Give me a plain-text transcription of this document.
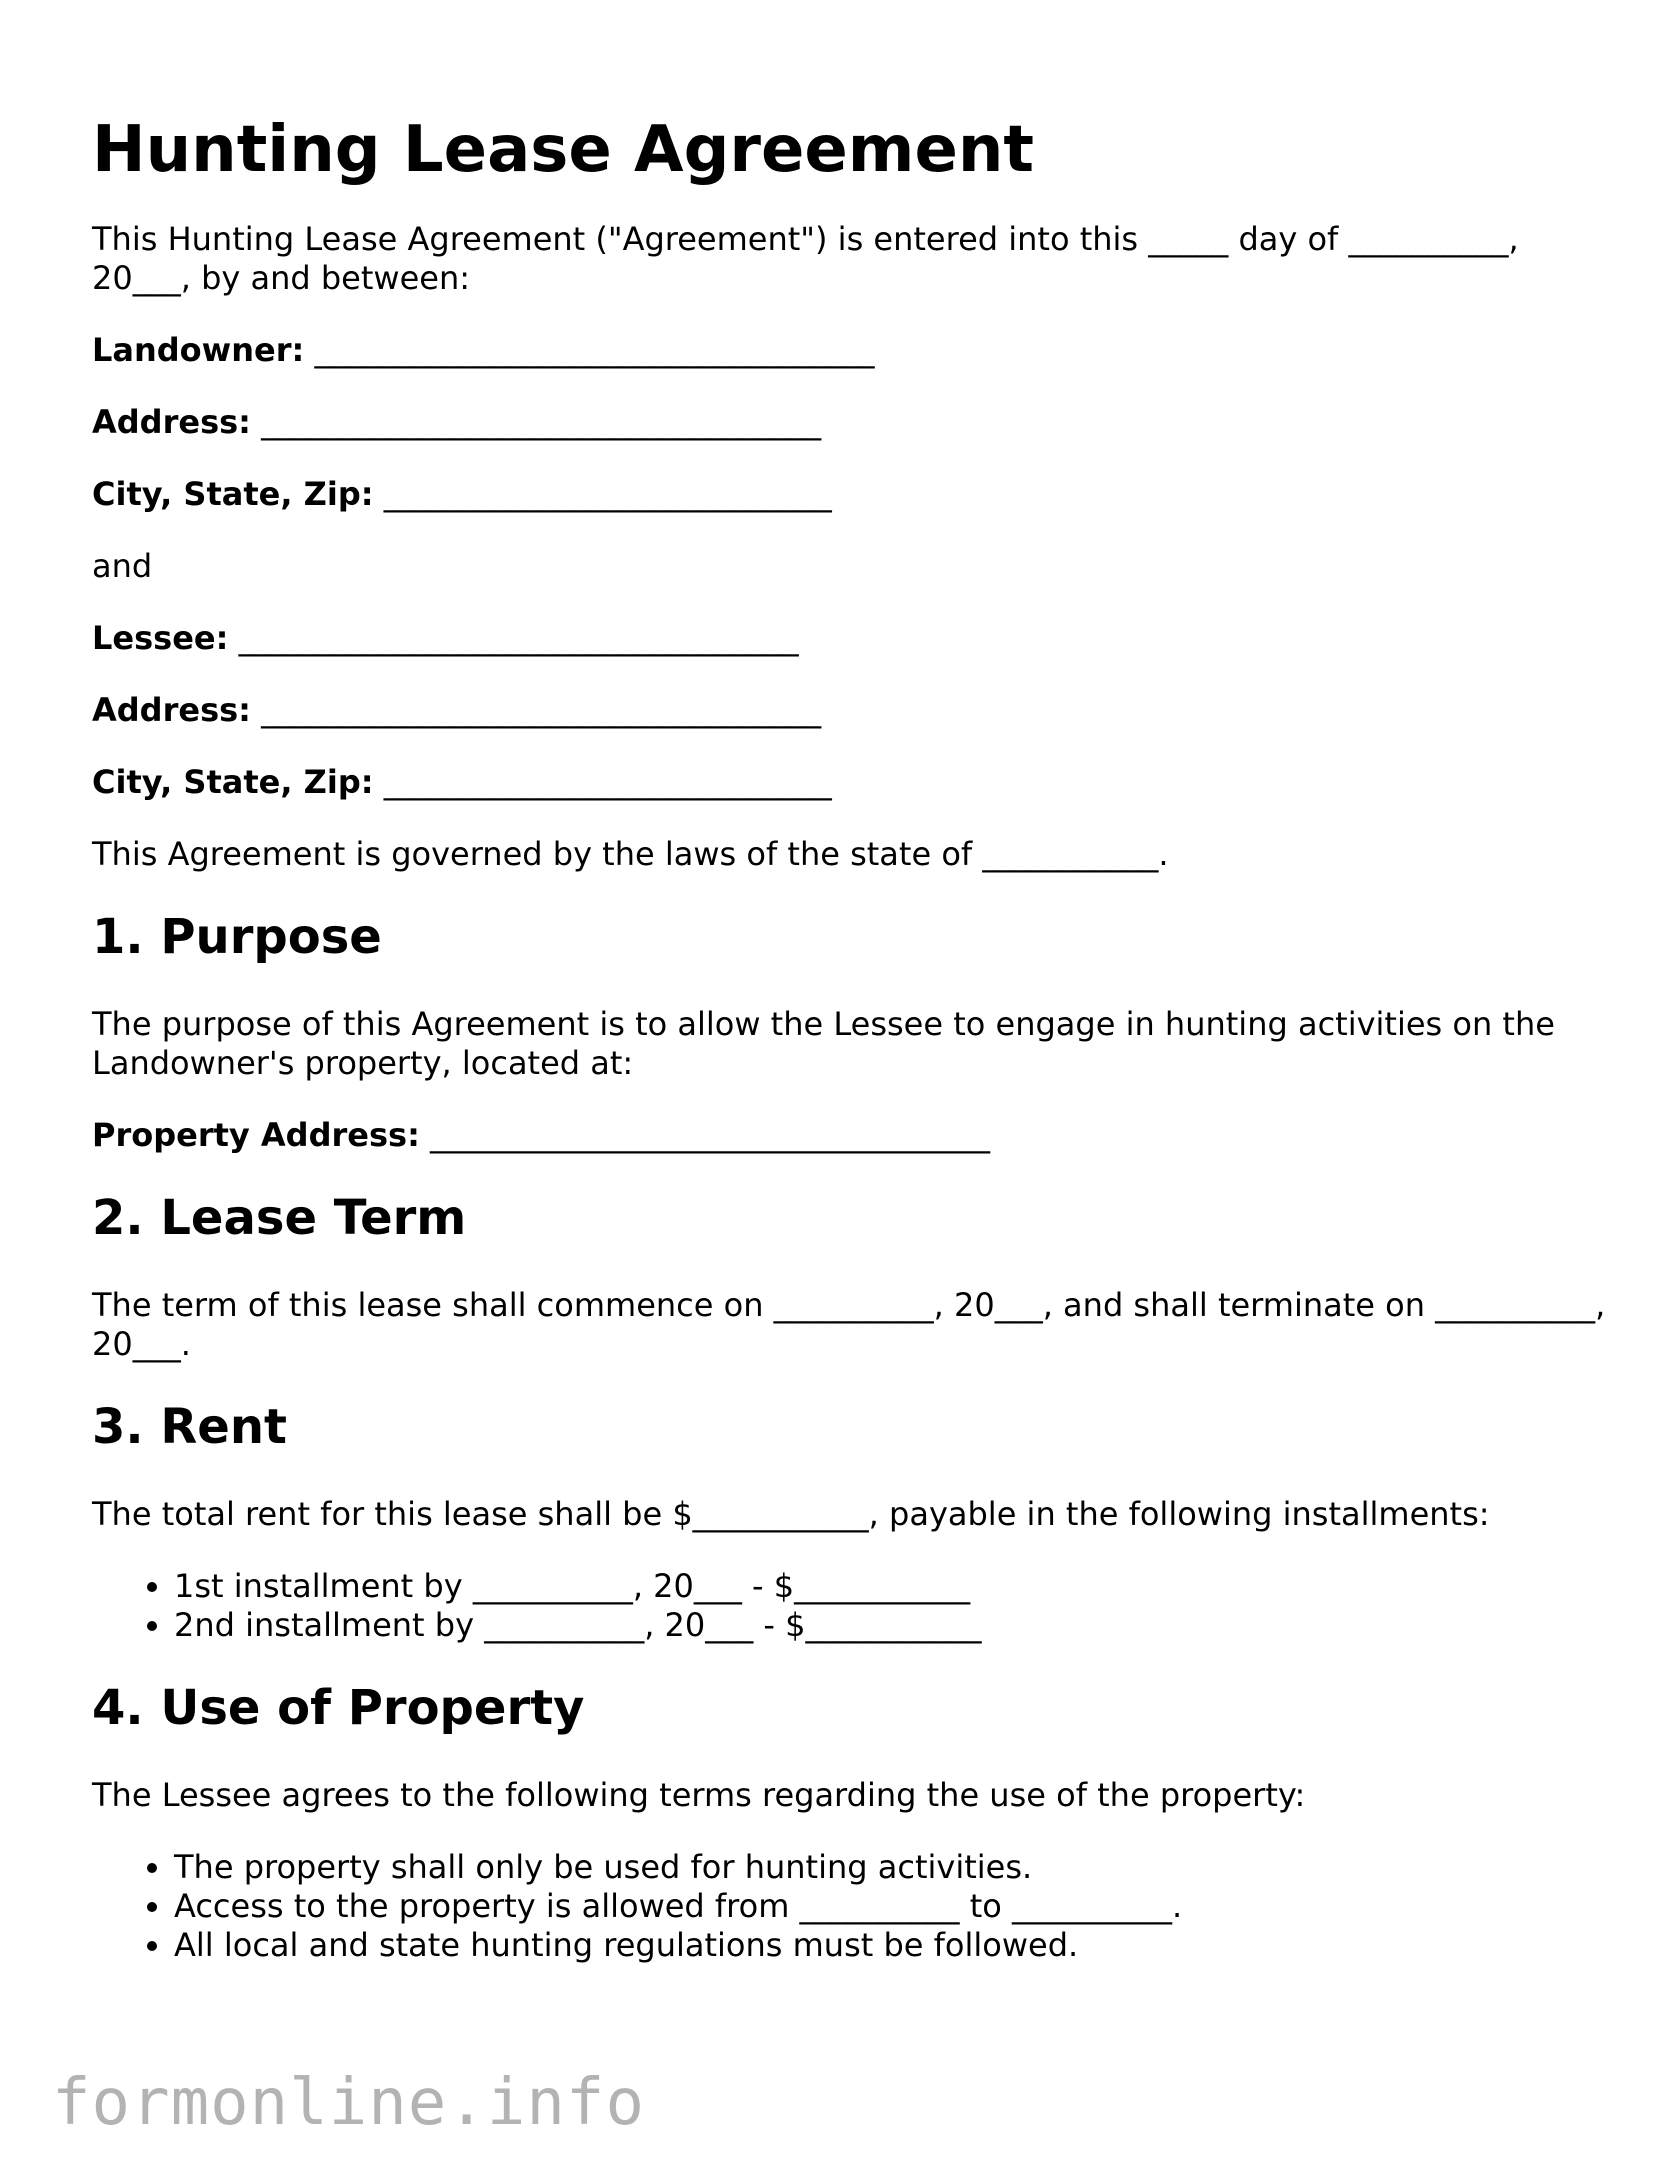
Hunting Lease Agreement

This Hunting Lease Agreement ("Agreement") is entered into this _____ day of __________, 20___, by and between:

Landowner: ___________________________________

Address: ___________________________________

City, State, Zip: ____________________________

and

Lessee: ___________________________________

Address: ___________________________________

City, State, Zip: ____________________________

This Agreement is governed by the laws of the state of ___________.

1. Purpose

The purpose of this Agreement is to allow the Lessee to engage in hunting activities on the Landowner's property, located at:

Property Address: ___________________________________

2. Lease Term

The term of this lease shall commence on __________, 20___, and shall terminate on __________, 20___.

3. Rent

The total rent for this lease shall be $___________, payable in the following installments:

• 1st installment by __________, 20___ - $___________
• 2nd installment by __________, 20___ - $___________
4. Use of Property

The Lessee agrees to the following terms regarding the use of the property:

• The property shall only be used for hunting activities.
• Access to the property is allowed from __________ to __________.
• All local and state hunting regulations must be followed.
formonline.info
